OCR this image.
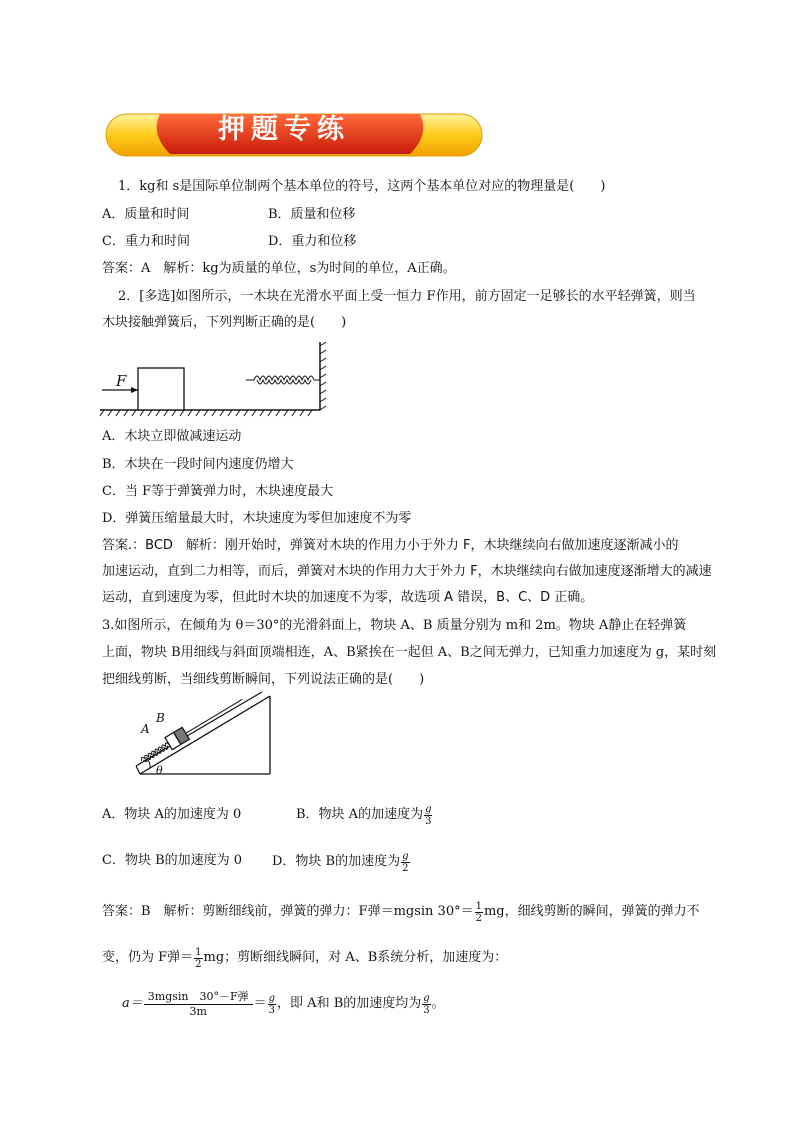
押题专练
1．kg和 s是国际单位制两个基本单位的符号，这两个基本单位对应的物理量是(　　)
A．质量和时间	B．质量和位移
C．重力和时间	D．重力和位移
答案：A　解析：kg为质量的单位，s为时间的单位，A正确。
2．[多选]如图所示，一木块在光滑水平面上受一恒力 F作用，前方固定一足够长的水平轻弹簧，则当
木块接触弹簧后，下列判断正确的是(　　)
F
A．木块立即做减速运动
B．木块在一段时间内速度仍增大
C．当 F等于弹簧弹力时，木块速度最大
D．弹簧压缩量最大时，木块速度为零但加速度不为零
答案.：BCD　解析：刚开始时，弹簧对木块的作用力小于外力 F，木块继续向右做加速度逐渐减小的
加速运动，直到二力相等，而后，弹簧对木块的作用力大于外力 F，木块继续向右做加速度逐渐增大的减速
运动，直到速度为零，但此时木块的加速度不为零，故选项 A 错误，B、C、D 正确。
3.如图所示，在倾角为 θ＝30°的光滑斜面上，物块 A、B 质量分别为 m和 2m。物块 A静止在轻弹簧
上面，物块 B用细线与斜面顶端相连，A、B紧挨在一起但 A、B之间无弹力，已知重力加速度为 g，某时刻
把细线剪断，当细线剪断瞬间，下列说法正确的是(　　)
A
B
θ
A．物块 A的加速度为 0	B．物块 A的加速度为 $\frac{g}{3}$
C．物块 B的加速度为 0 D．物块 B的加速度为 $\frac{g}{2}$
答案：B　解析：剪断细线前，弹簧的弹力：F弹＝mgsin $30^\circ= \frac{1}{2}$ mg，细线剪断的瞬间，弹簧的弹力不
变，仍为 F弹＝ $\frac{1}{2}$ mg；剪断细线瞬间，对 A、B系统分析，加速度为：
$a= \frac{\text{3mgsin　30°－F弹}}{3m} = \frac{g}{3}$ ，即 A和 B的加速度均为 $\frac{g}{3}$ 。
